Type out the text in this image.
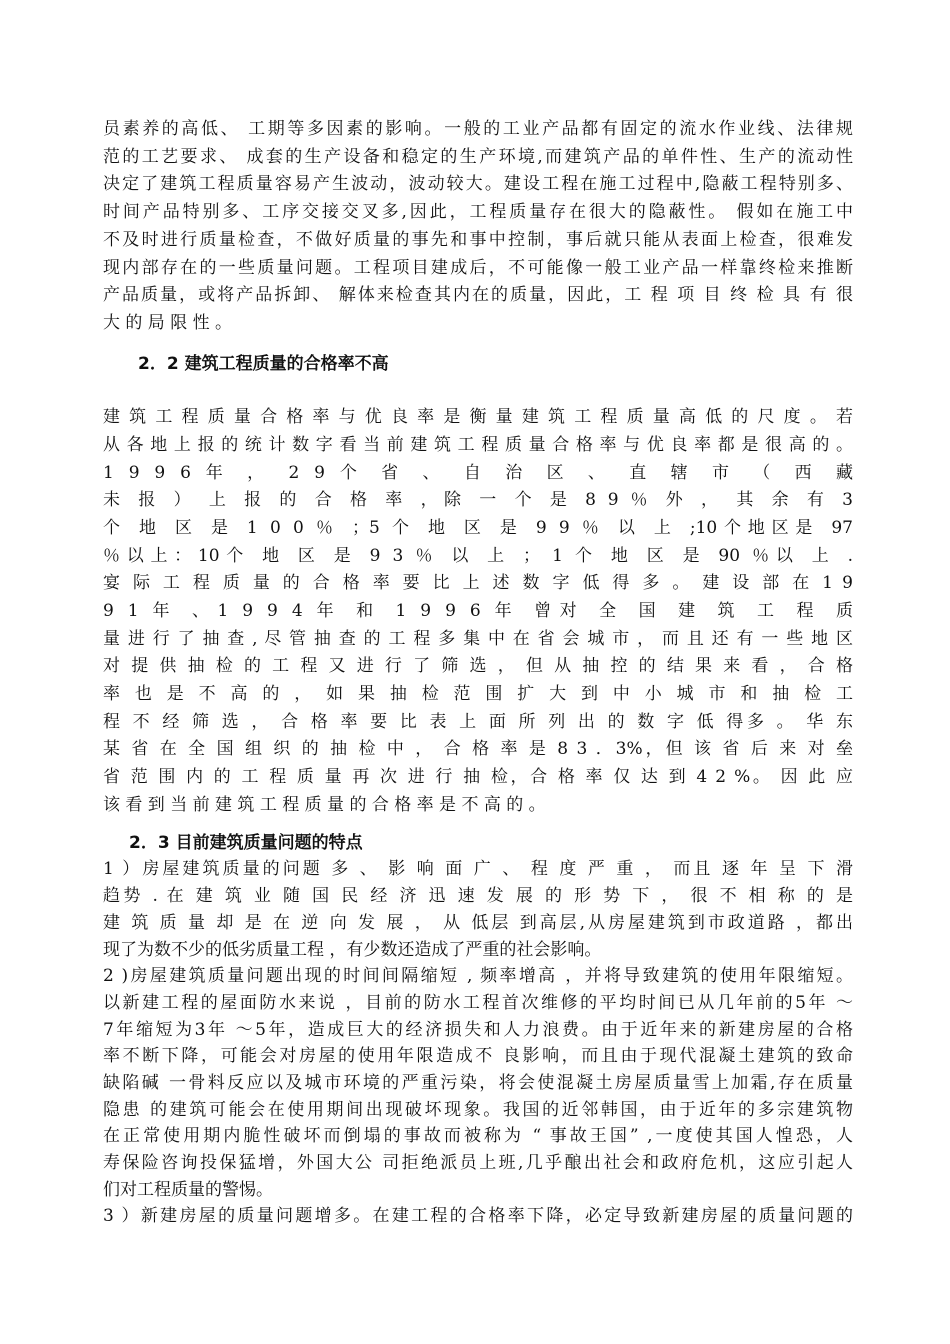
员素养的高低、 工期等多因素的影响。一般的工业产品都有固定的流水作业线、法律规
范的工艺要求、 成套的生产设备和稳定的生产环境,而建筑产品的单件性、生产的流动性
决定了建筑工程质量容易产生波动，波动较大。建设工程在施工过程中,隐蔽工程特别多、
时间产品特别多、工序交接交叉多,因此，工程质量存在很大的隐蔽性。 假如在施工中
不及时进行质量检查，不做好质量的事先和事中控制，事后就只能从表面上检查，很难发
现内部存在的一些质量问题。工程项目建成后，不可能像一般工业产品一样靠终检来推断
产品质量，或将产品拆卸、 解体来检查其内在的质量，因此，工 程 项 目 终 检 具 有 很
大 的 局 限 性 。
2．2 建筑工程质量的合格率不高
建 筑 工 程 质 量 合 格 率 与 优 良 率 是 衡 量 建 筑 工 程 质 量 高 低 的 尺 度 。 若
从 各 地 上 报 的 统 计 数 字 看 当 前 建 筑 工 程 质 量 合 格 率 与 优 良 率 都 是 很 高 的 。
1 9 9 6 年 ， 2 9 个 省 、 自 治 区 、 直 辖 市 （ 西 藏
未 报 ） 上 报 的 合 格 率 ，除 一 个 是 8 9 ％ 外 ， 其 余 有 3
个 地 区 是 1 0 0 ％ ；5 个 地 区 是 9 9 ％ 以 上 ;10个地区是 97
％以上：10个 地 区 是 9 3 ％ 以 上 ； 1 个 地 区 是 90 ％以 上 .
宴 际 工 程 质 量 的 合 格 率 要 比 上 述 数 字 低 得 多 。 建 设 部 在 1 9
9 1 年 、1 9 9 4 年 和 1 9 9 6 年 曾对 全 国 建 筑 工 程 质
量 进 行 了 抽 查 , 尽 管 抽 查 的 工 程 多 集 中 在 省 会 城 市 ， 而 且 还 有 一 些 地 区
对 提 供 抽 检 的 工 程 又 进 行 了 筛 选 ， 但 从 抽 控 的 结 果 来 看 ， 合 格
率 也 是 不 高 的 ， 如 果 抽 检 范 围 扩 大 到 中 小 城 市 和 抽 检 工
程 不 经 筛 选 ， 合 格 率 要 比 表 上 面 所 列 出 的 数 字 低 得多 。 华 东
某 省 在 全 国 组 织 的 抽 检 中 ， 合 格 率 是 8 3 ．3%，但 该 省 后 来 对 垒
省 范 围 内 的 工 程 质 量 再 次 进 行 抽 检，合 格 率 仅 达 到 4 2 %。 因 此 应
该 看 到 当 前 建 筑 工 程 质 量 的 合 格 率 是 不 高 的 。
2．3 目前建筑质量问题的特点
1 ）房屋建筑质量的问题 多 、 影 响 面 广 、 程 度 严 重 ， 而且 逐 年 呈 下 滑
趋势 . 在 建 筑 业 随 国 民 经 济 迅 速 发 展 的 形 势 下 ， 很 不 相 称 的 是
建 筑 质 量 却 是 在 逆 向 发 展 ， 从 低层 到高层,从房屋建筑到市政道路 ，都出
现了为数不少的低劣质量工程 ，有少数还造成了严重的社会影响。
2 )房屋建筑质量问题出现的时间间隔缩短 , 频率增高 ，并将导致建筑的使用年限缩短。
以新建工程的屋面防水来说 ，目前的防水工程首次维修的平均时间已从几年前的5年 ～
7年缩短为3年 ～5年，造成巨大的经济损失和人力浪费。由于近年来的新建房屋的合格
率不断下降，可能会对房屋的使用年限造成不 良影响，而且由于现代混凝土建筑的致命
缺陷碱 一骨料反应以及城市环境的严重污染，将会使混凝土房屋质量雪上加霜,存在质量
隐患 的建筑可能会在使用期间出现破坏现象。我国的近邻韩国，由于近年的多宗建筑物
在正常使用期内脆性破坏而倒塌的事故而被称为 “ 事故王国” ,一度使其国人惶恐，人
寿保险咨询投保猛增，外国大公 司拒绝派员上班,几乎酿出社会和政府危机，这应引起人
们对工程质量的警惕。
3 ）新建房屋的质量问题增多。在建工程的合格率下降，必定导致新建房屋的质量问题的
